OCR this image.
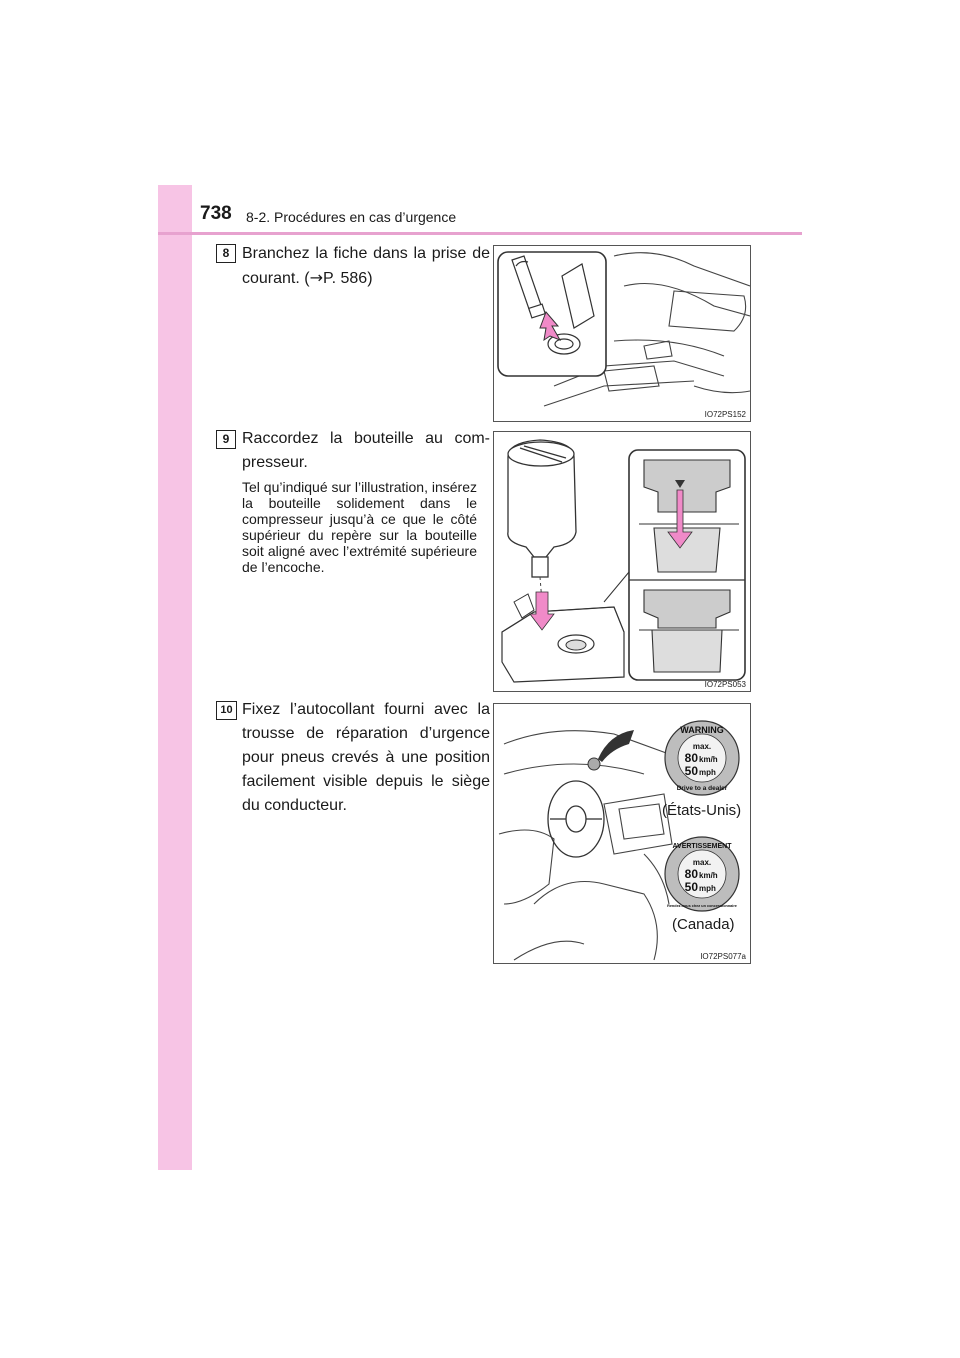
738 8-2. Procédures en cas d’urgence
8 Branchez la fiche dans la prise de courant. (→P. 586)
IO72PS152
9 Raccordez la bouteille au com-presseur.
Tel qu’indiqué sur l’illustration, insérez la bouteille solidement dans le compresseur jusqu’à ce que le côté supérieur du repère sur la bouteille soit aligné avec l’extrémité supérieure de l’encoche.
IO72PS053
10 Fixez l’autocollant fourni avec la trousse de réparation d’urgence pour pneus crevés à une position facilement visible depuis le siège du conducteur.
WARNING
Drive to a dealer
max.
80 km/h
50 mph
(États-Unis)
AVERTISSEMENT
Rendez-vous chez un concessionnaire
max.
80 km/h
50 mph
(Canada)
IO72PS077a
